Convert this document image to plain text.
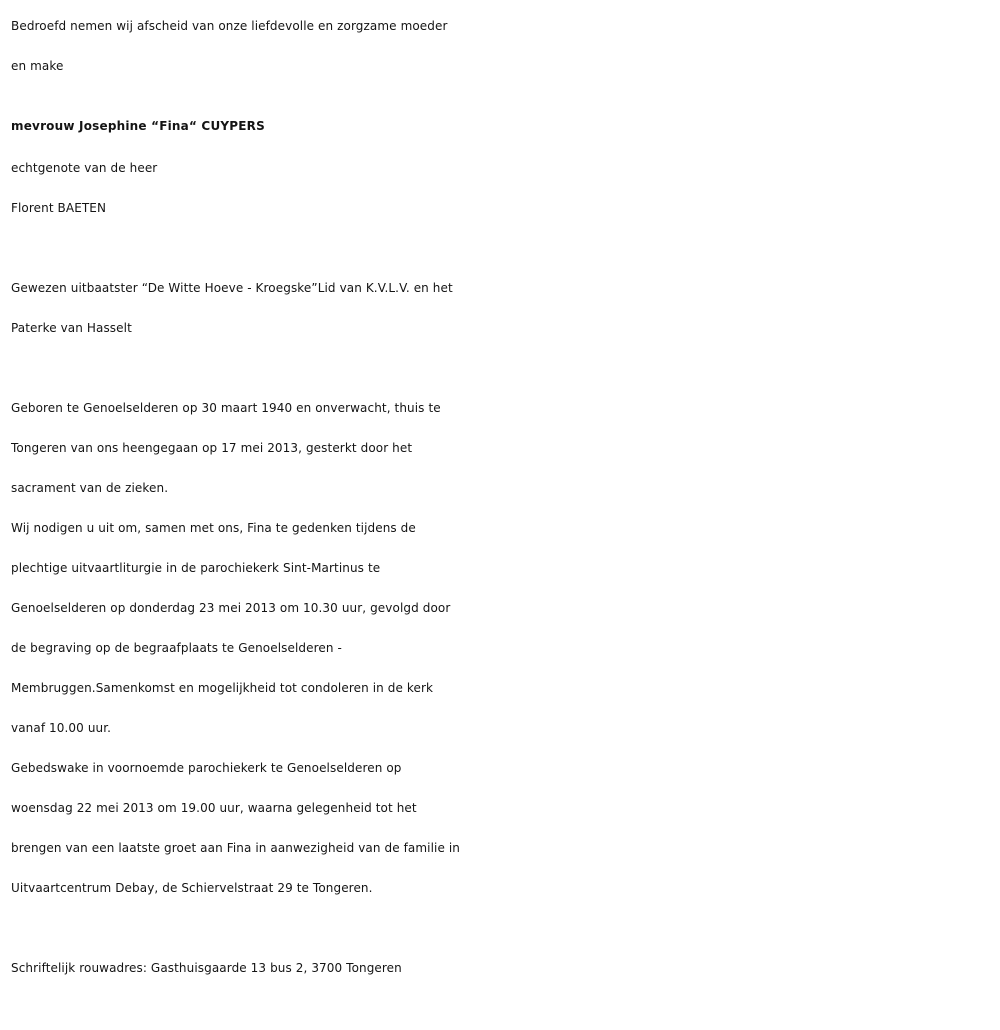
Bedroefd nemen wij afscheid van onze liefdevolle en zorgzame moeder

en make

mevrouw Josephine “Fina“ CUYPERS

echtgenote van de heer

Florent BAETEN

Gewezen uitbaatster “De Witte Hoeve - Kroegske”Lid van K.V.L.V. en het

Paterke van Hasselt

Geboren te Genoelselderen op 30 maart 1940 en onverwacht, thuis te

Tongeren van ons heengegaan op 17 mei 2013, gesterkt door het

sacrament van de zieken.

Wij nodigen u uit om, samen met ons, Fina te gedenken tijdens de

plechtige uitvaartliturgie in de parochiekerk Sint-Martinus te

Genoelselderen op donderdag 23 mei 2013 om 10.30 uur, gevolgd door

de begraving op de begraafplaats te Genoelselderen -

Membruggen.Samenkomst en mogelijkheid tot condoleren in de kerk

vanaf 10.00 uur.

Gebedswake in voornoemde parochiekerk te Genoelselderen op

woensdag 22 mei 2013 om 19.00 uur, waarna gelegenheid tot het

brengen van een laatste groet aan Fina in aanwezigheid van de familie in

Uitvaartcentrum Debay, de Schiervelstraat 29 te Tongeren.

Schriftelijk rouwadres: Gasthuisgaarde 13 bus 2, 3700 Tongeren
